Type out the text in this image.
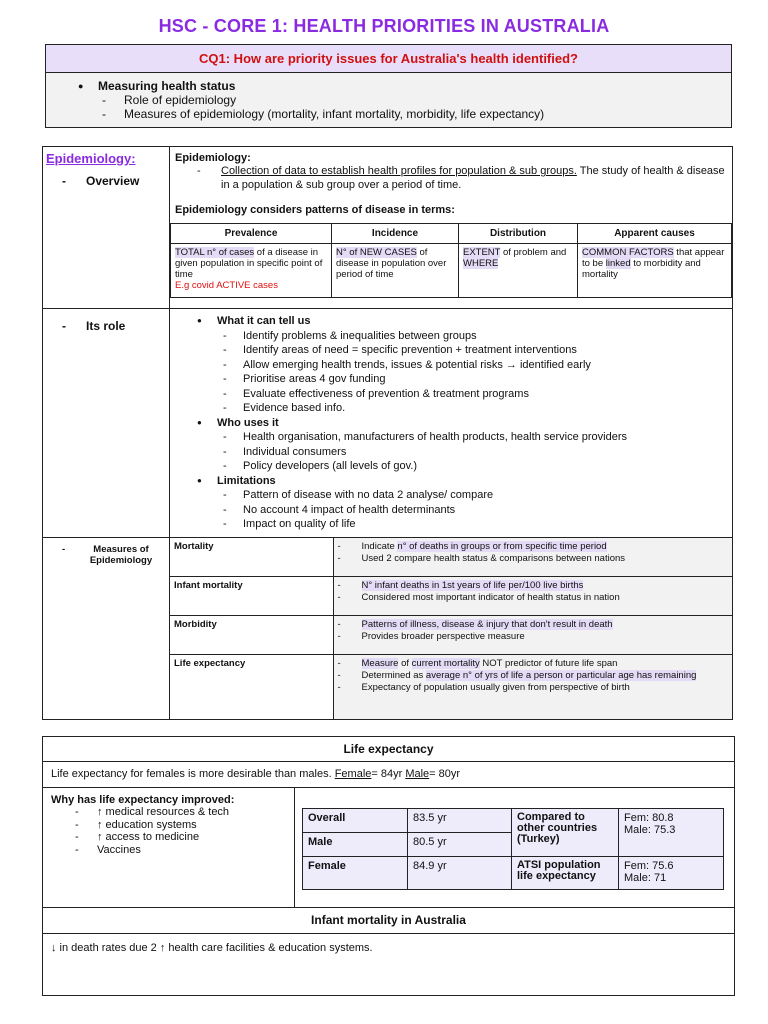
HSC - CORE 1: HEALTH PRIORITIES IN AUSTRALIA
CQ1: How are priority issues for Australia's health identified?
● Measuring health status
- Role of epidemiology
- Measures of epidemiology (mortality, infant mortality, morbidity, life expectancy)
Epidemiology:
- Overview

Epidemiology:
- Collection of data to establish health profiles for population & sub groups. The study of health & disease in a population & sub group over a period of time.
Epidemiology considers patterns of disease in terms:
Prevalence	Incidence	Distribution	Apparent causes
TOTAL n° of cases of a disease in given population in specific point of time
E.g covid ACTIVE cases	N° of NEW CASES of disease in population over period of time	EXTENT of problem and WHERE	COMMON FACTORS that appear to be linked to morbidity and mortality

- Its role

●What it can tell us
- Identify problems & inequalities between groups
- Identify areas of need = specific prevention + treatment interventions
- Allow emerging health trends, issues & potential risks → identified early
- Prioritise areas 4 gov funding
- Evaluate effectiveness of prevention & treatment programs
- Evidence based info.
● Who uses it
- Health organisation, manufacturers of health products, health service providers
- Individual consumers
- Policy developers (all levels of gov.)
● Limitations
- Pattern of disease with no data 2 analyse/ compare
- No account 4 impact of health determinants
- Impact on quality of life

-	Measures of Epidemiology

Mortality	
-Indicate n° of deaths in groups or from specific time period
- Used 2 compare health status & comparisons between nations

Infant mortality	
-N° infant deaths in 1st years of life per/100 live births
- Considered most important indicator of health status in nation

Morbidity	
-Patterns of illness, disease & injury that don't result in death
- Provides broader perspective measure

Life expectancy	
-Measure of current mortality NOT predictor of future life span
- Determined as average n° of yrs of life a person or particular age has remaining
- Expectancy of population usually given from perspective of birth
Life expectancy
Life expectancy for females is more desirable than males. Female= 84yr Male= 80yr
Why has life expectancy improved:
- ↑ medical resources & tech
- ↑ education systems
- ↑ access to medicine
- Vaccines
Overall	83.5 yr	Compared to other countries (Turkey)	Fem: 80.8
Male: 75.3

Male	80.5 yr		
Female	84.9 yr	ATSI population life expectancy	Fem: 75.6
Male: 71
Infant mortality in Australia
↓ in death rates due 2 ↑ health care facilities & education systems.
